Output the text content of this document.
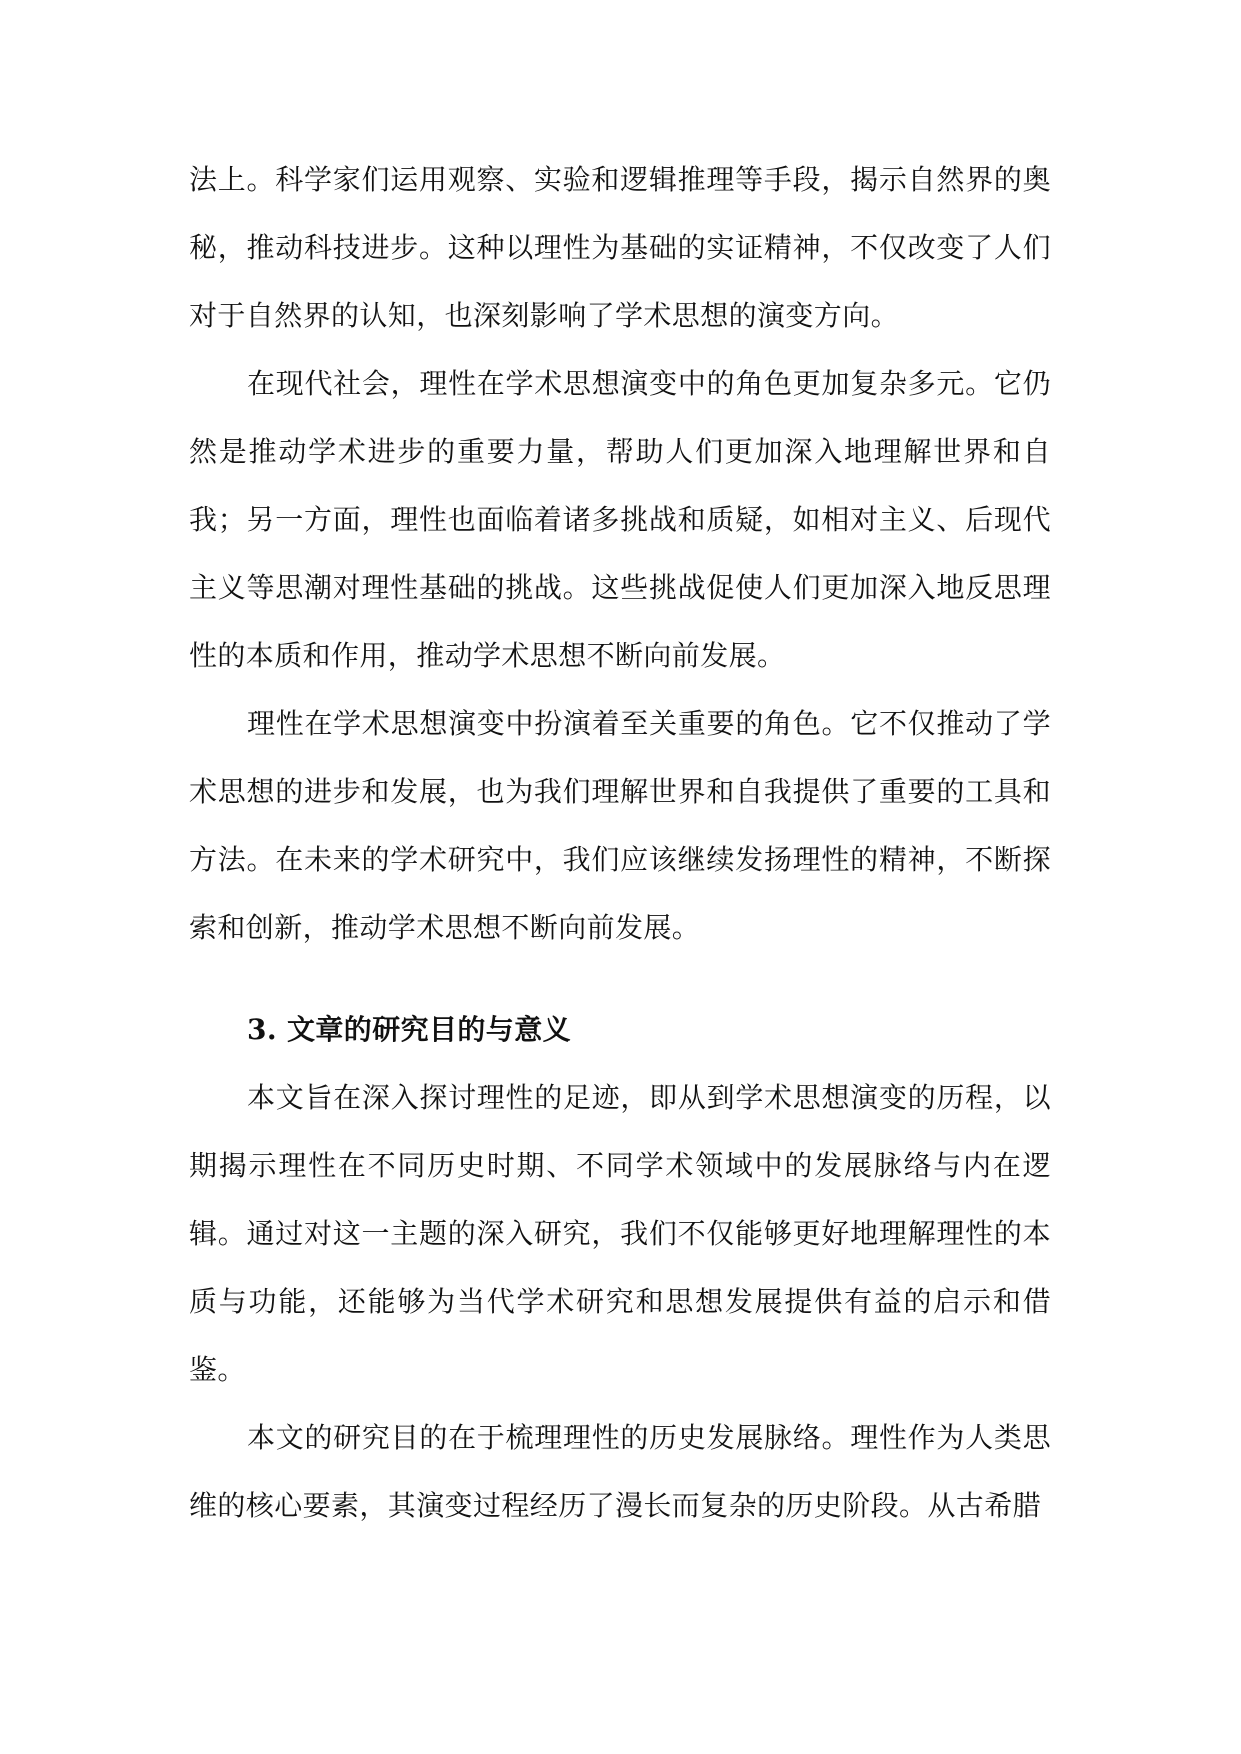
法上。科学家们运用观察、实验和逻辑推理等手段，揭示自然界的奥秘，推动科技进步。这种以理性为基础的实证精神，不仅改变了人们对于自然界的认知，也深刻影响了学术思想的演变方向。

在现代社会，理性在学术思想演变中的角色更加复杂多元。它仍然是推动学术进步的重要力量，帮助人们更加深入地理解世界和自我；另一方面，理性也面临着诸多挑战和质疑，如相对主义、后现代主义等思潮对理性基础的挑战。这些挑战促使人们更加深入地反思理性的本质和作用，推动学术思想不断向前发展。

理性在学术思想演变中扮演着至关重要的角色。它不仅推动了学术思想的进步和发展，也为我们理解世界和自我提供了重要的工具和方法。在未来的学术研究中，我们应该继续发扬理性的精神，不断探索和创新，推动学术思想不断向前发展。

3. 文章的研究目的与意义

本文旨在深入探讨理性的足迹，即从到学术思想演变的历程，以期揭示理性在不同历史时期、不同学术领域中的发展脉络与内在逻辑。通过对这一主题的深入研究，我们不仅能够更好地理解理性的本质与功能，还能够为当代学术研究和思想发展提供有益的启示和借鉴。

本文的研究目的在于梳理理性的历史发展脉络。理性作为人类思维的核心要素，其演变过程经历了漫长而复杂的历史阶段。从古希腊
